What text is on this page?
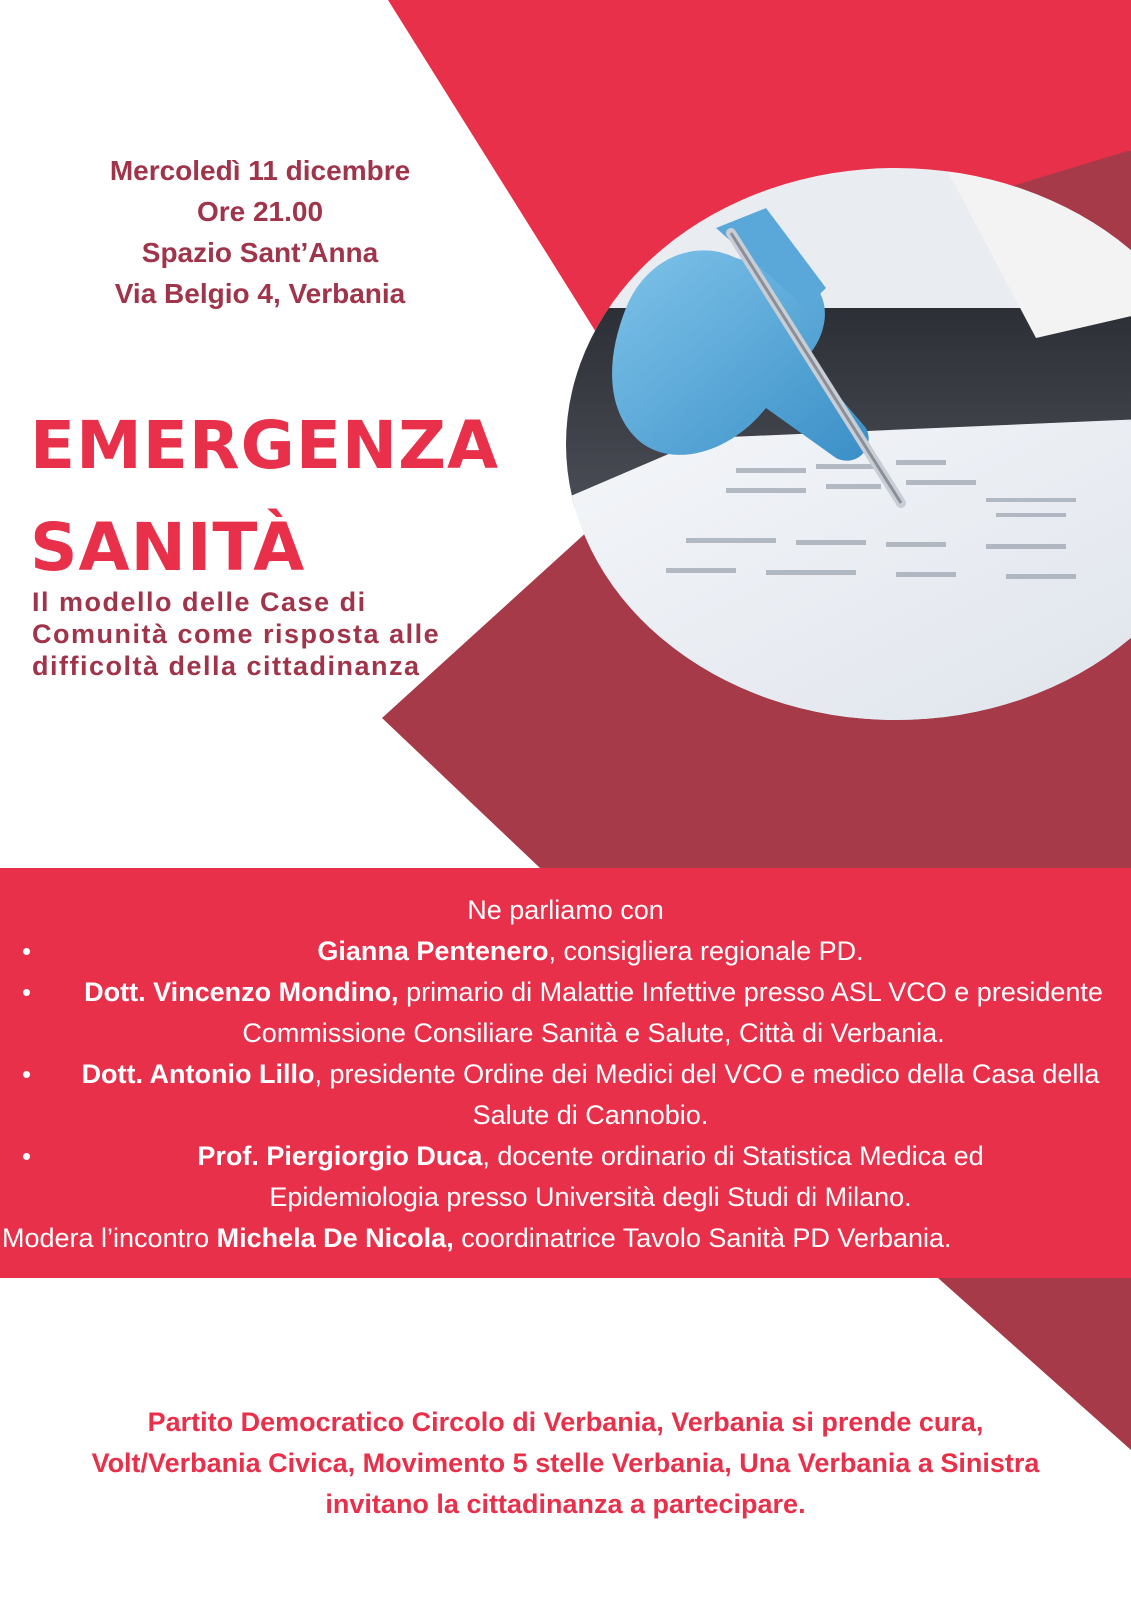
Mercoledì 11 dicembre
Ore 21.00
Spazio Sant’Anna
Via Belgio 4, Verbania
EMERGENZA
SANITÀ
Il modello delle Case di Comunità come risposta alle difficoltà della cittadinanza
Ne parliamo con
•	Gianna Pentenero, consigliera regionale PD.
• Dott. Vincenzo Mondino, primario di Malattie Infettive presso ASL VCO e presidente Commissione Consiliare Sanità e Salute, Città di Verbania.
• Dott. Antonio Lillo, presidente Ordine dei Medici del VCO e medico della Casa della Salute di Cannobio.
•	Prof. Piergiorgio Duca, docente ordinario di Statistica Medica ed Epidemiologia presso Università degli Studi di Milano.
Modera l’incontro Michela De Nicola, coordinatrice Tavolo Sanità PD Verbania.
Partito Democratico Circolo di Verbania, Verbania si prende cura,
Volt/Verbania Civica, Movimento 5 stelle Verbania, Una Verbania a Sinistra
invitano la cittadinanza a partecipare.
